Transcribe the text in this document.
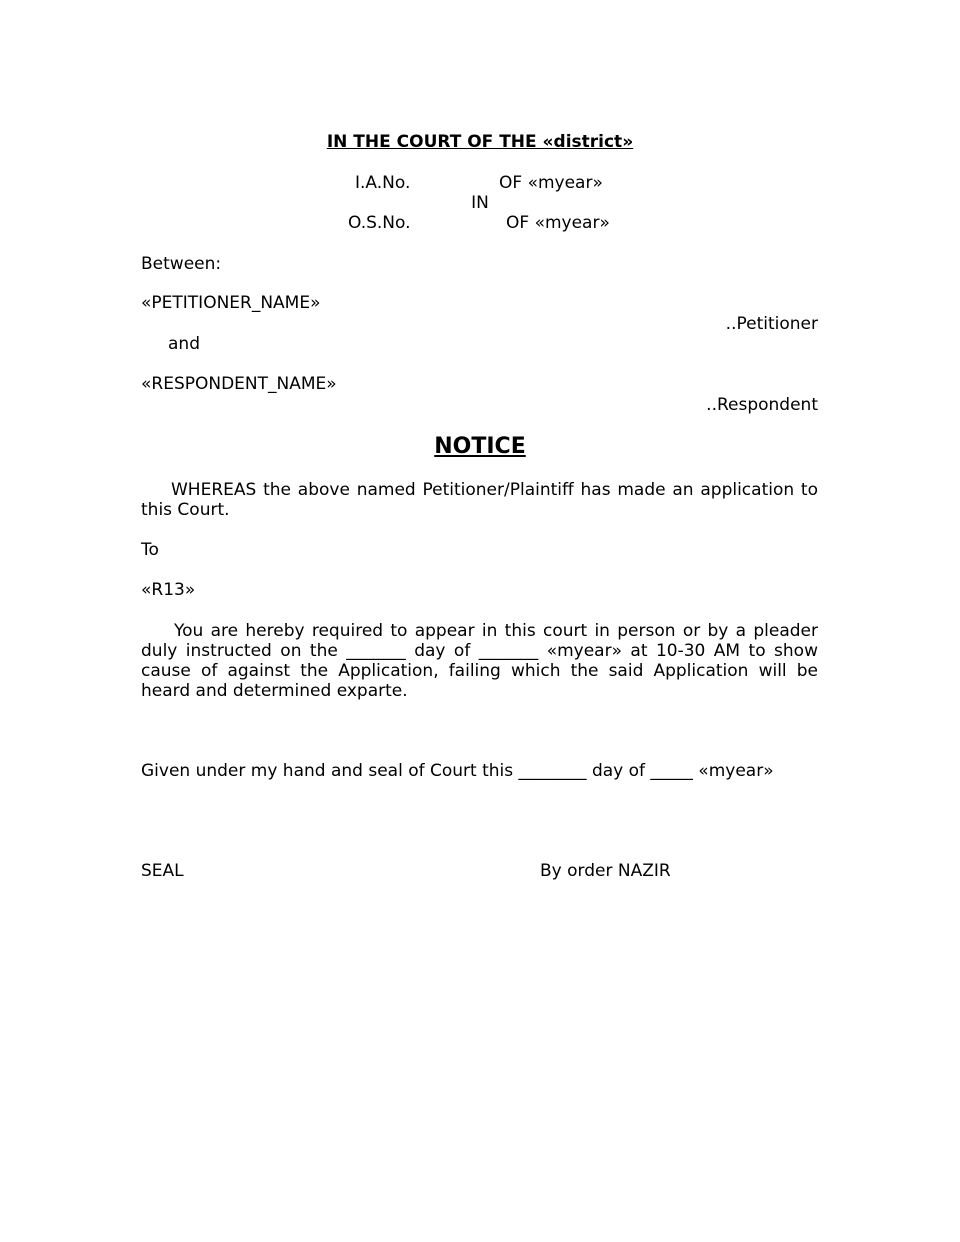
IN THE COURT OF THE «district»
I.A.No.	OF «myear»
IN
O.S.No.	OF «myear»
Between:
«PETITIONER_NAME»
..Petitioner
and
«RESPONDENT_NAME»
..Respondent
NOTICE
WHEREAS the above named Petitioner/Plaintiff has made an application to this Court.
To
«R13»
You are hereby required to appear in this court in person or by a pleader duly instructed on the _______ day of _______ «myear» at 10-30 AM to show cause of against the Application, failing which the said Application will be heard and determined exparte.
Given under my hand and seal of Court this ________ day of _____ «myear»
SEAL	By order NAZIR
